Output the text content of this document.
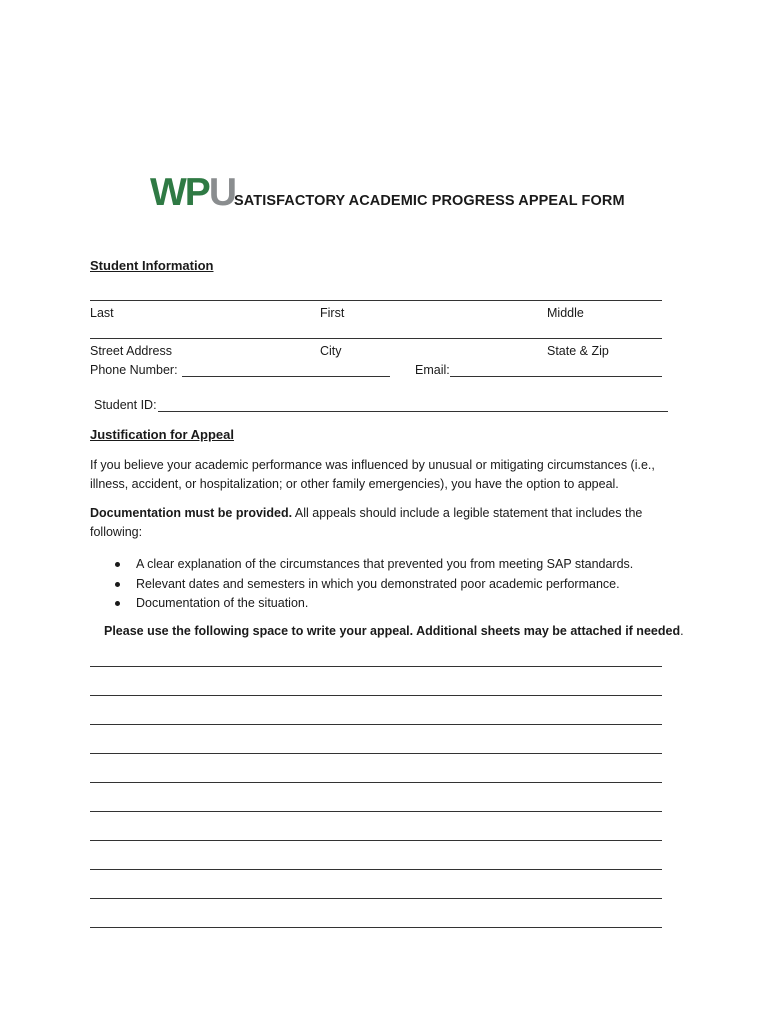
WP U
SATISFACTORY ACADEMIC PROGRESS APPEAL FORM
Student Information
Last	First	Middle
Street Address	City	State & Zip
Phone Number:	Email:
Student ID:
Justification for Appeal
If you believe your academic performance was influenced by unusual or mitigating circumstances (i.e., illness, accident, or hospitalization; or other family emergencies), you have the option to appeal.
Documentation must be provided. All appeals should include a legible statement that includes the following:
A clear explanation of the circumstances that prevented you from meeting SAP standards.
Relevant dates and semesters in which you demonstrated poor academic performance.
Documentation of the situation.
Please use the following space to write your appeal. Additional sheets may be attached if needed.
